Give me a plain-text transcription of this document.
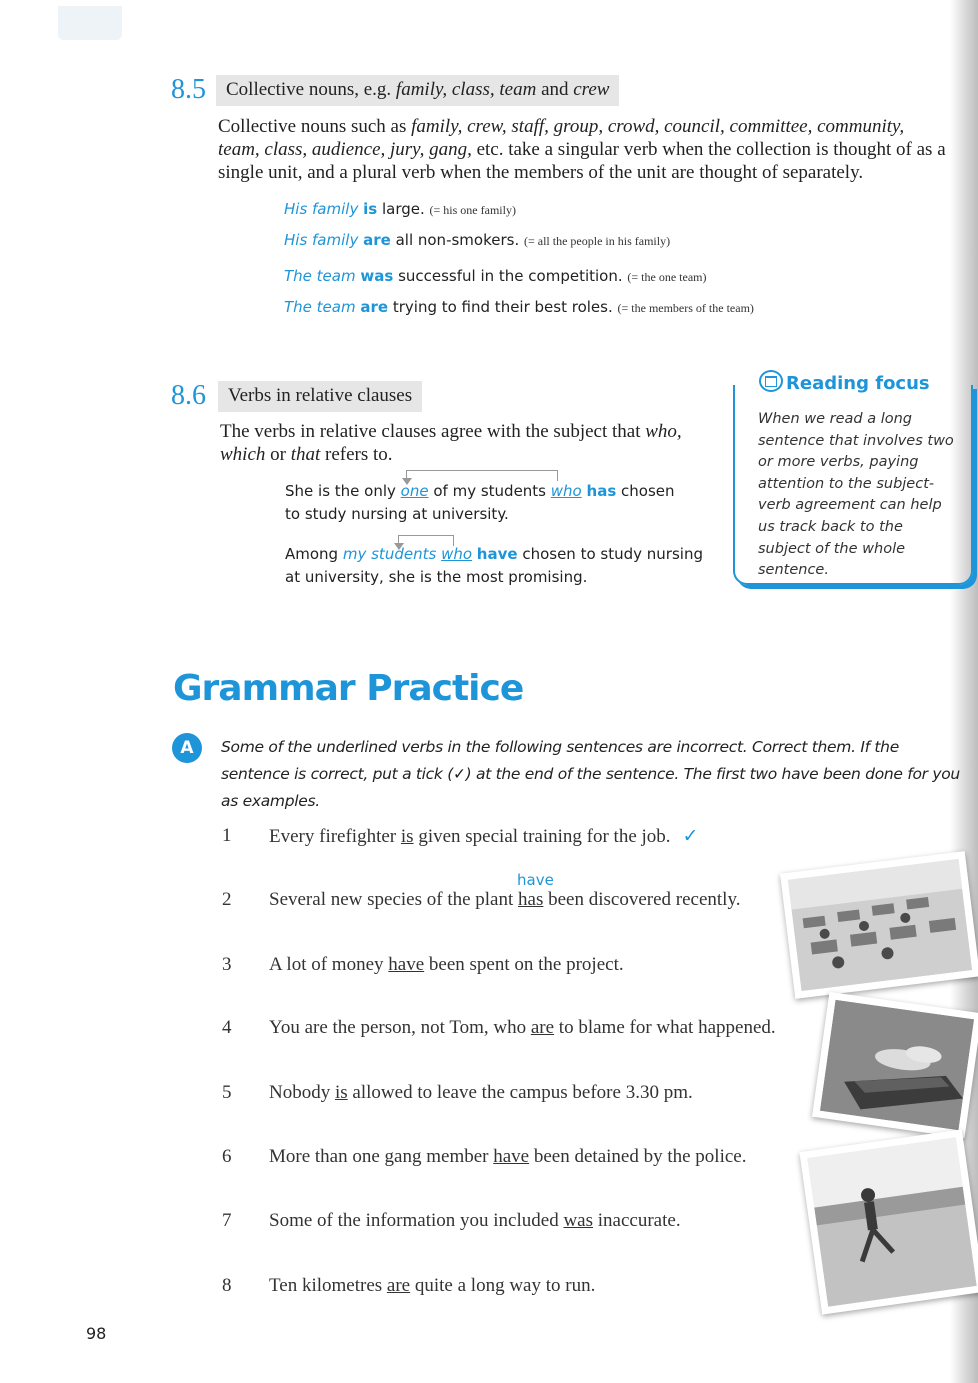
8.5	Collective nouns, e.g. family, class, team and crew
Collective nouns such as family, crew, staff, group, crowd, council, committee, community, team, class, audience, jury, gang, etc. take a singular verb when the collection is thought of as a single unit, and a plural verb when the members of the unit are thought of separately.
His family is large. (= his one family)
His family are all non-smokers. (= all the people in his family)
The team was successful in the competition. (= the one team)
The team are trying to find their best roles. (= the members of the team)
8.6	Verbs in relative clauses
The verbs in relative clauses agree with the subject that who, which or that refers to.
She is the only one of my students who has chosen
to study nursing at university.
Among my students who have chosen to study nursing
at university, she is the most promising.
Reading focus
When we read a long sentence that involves two or more verbs, paying attention to the subject-verb agreement can help us track back to the subject of the whole sentence.
Grammar Practice
A	Some of the underlined verbs in the following sentences are incorrect. Correct them. If the sentence is correct, put a tick (✓) at the end of the sentence. The first two have been done for you as examples.
have
1 Every firefighter is given special training for the job. ✓
2 Several new species of the plant has been discovered recently.
3 A lot of money have been spent on the project.
4 You are the person, not Tom, who are to blame for what happened.
5 Nobody is allowed to leave the campus before 3.30 pm.
6 More than one gang member have been detained by the police.
7 Some of the information you included was inaccurate.
8 Ten kilometres are quite a long way to run.
98
